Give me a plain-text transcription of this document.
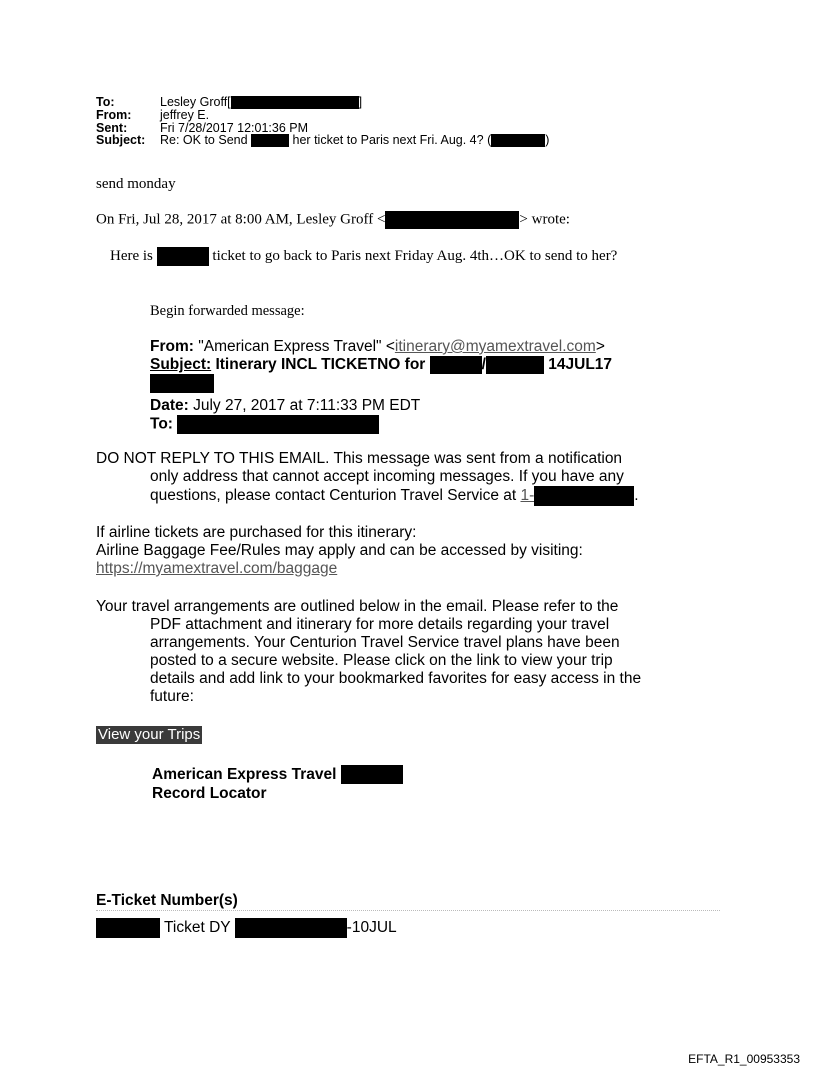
To:	Lesley Groff[	]
From: jeffrey E.
Sent:	Fri 7/28/2017 12:01:36 PM
Subject: Re: OK to Send	her ticket to Paris next Fri. Aug. 4? (	)
send monday
On Fri, Jul 28, 2017 at 8:00 AM, Lesley Groff <	> wrote:
Here is	ticket to go back to Paris next Friday Aug. 4th…OK to send to her?
Begin forwarded message:
From: "American Express Travel" <itinerary@myamextravel.com>
Subject: Itinerary INCL TICKETNO for	/	14JUL17
Date: July 27, 2017 at 7:11:33 PM EDT
To:
DO NOT REPLY TO THIS EMAIL. This message was sent from a notification
only address that cannot accept incoming messages. If you have any
questions, please contact Centurion Travel Service at 1-	.
If airline tickets are purchased for this itinerary:
Airline Baggage Fee/Rules may apply and can be accessed by visiting:
https://myamextravel.com/baggage
Your travel arrangements are outlined below in the email. Please refer to the
PDF attachment and itinerary for more details regarding your travel
arrangements. Your Centurion Travel Service travel plans have been
posted to a secure website. Please click on the link to view your trip
details and add link to your bookmarked favorites for easy access in the
future:
View your Trips
American Express Travel
Record Locator
E-Ticket Number(s)
Ticket DY	-10JUL
EFTA_R1_00953353
